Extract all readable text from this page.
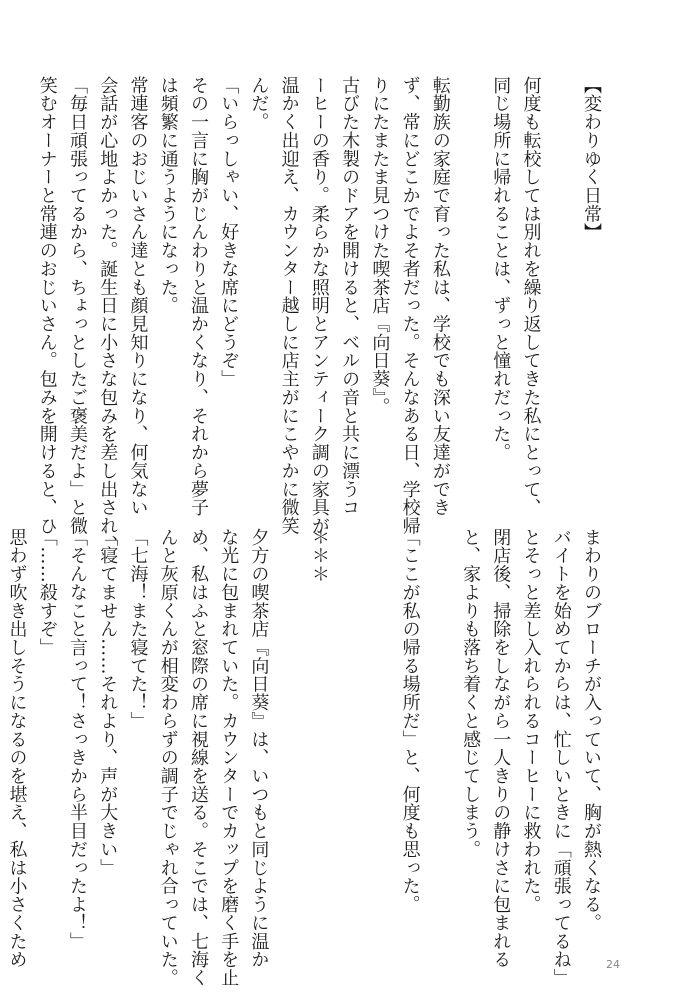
【変わりゆく日常】

何度も転校しては別れを繰り返してきた私にとって、
同じ場所に帰れることは、ずっと憧れだった。

転勤族の家庭で育った私は、学校でも深い友達ができ
ず、常にどこかでよそ者だった。そんなある日、学校帰
りにたまたま見つけた喫茶店『向日葵』。
古びた木製のドアを開けると、ベルの音と共に漂うコ
ーヒーの香り。柔らかな照明とアンティーク調の家具が
温かく出迎え、カウンター越しに店主がにこやかに微笑
んだ。
「いらっしゃい、好きな席にどうぞ」
その一言に胸がじんわりと温かくなり、それから夢子
は頻繁に通うようになった。
常連客のおじいさん達とも顔見知りになり、何気ない
会話が心地よかった。誕生日に小さな包みを差し出され、
「毎日頑張ってるから、ちょっとしたご褒美だよ」と微
笑むオーナーと常連のおじいさん。包みを開けると、ひ
まわりのブローチが入っていて、胸が熱くなる。
バイトを始めてからは、忙しいときに「頑張ってるね」
とそっと差し入れられるコーヒーに救われた。
閉店後、掃除をしながら一人きりの静けさに包まれる
と、家よりも落ち着くと感じてしまう。

「ここが私の帰る場所だ」と、何度も思った。

＊＊＊

夕方の喫茶店『向日葵』は、いつもと同じように温か
な光に包まれていた。カウンターでカップを磨く手を止
め、私はふと窓際の席に視線を送る。そこでは、七海く
んと灰原くんが相変わらずの調子でじゃれ合っていた。
「七海！また寝てた！」
「寝てません……それより、声が大きい」
「そんなこと言って！さっきから半目だったよ！」
「……殺すぞ」
思わず吹き出しそうになるのを堪え、私は小さくため	24
